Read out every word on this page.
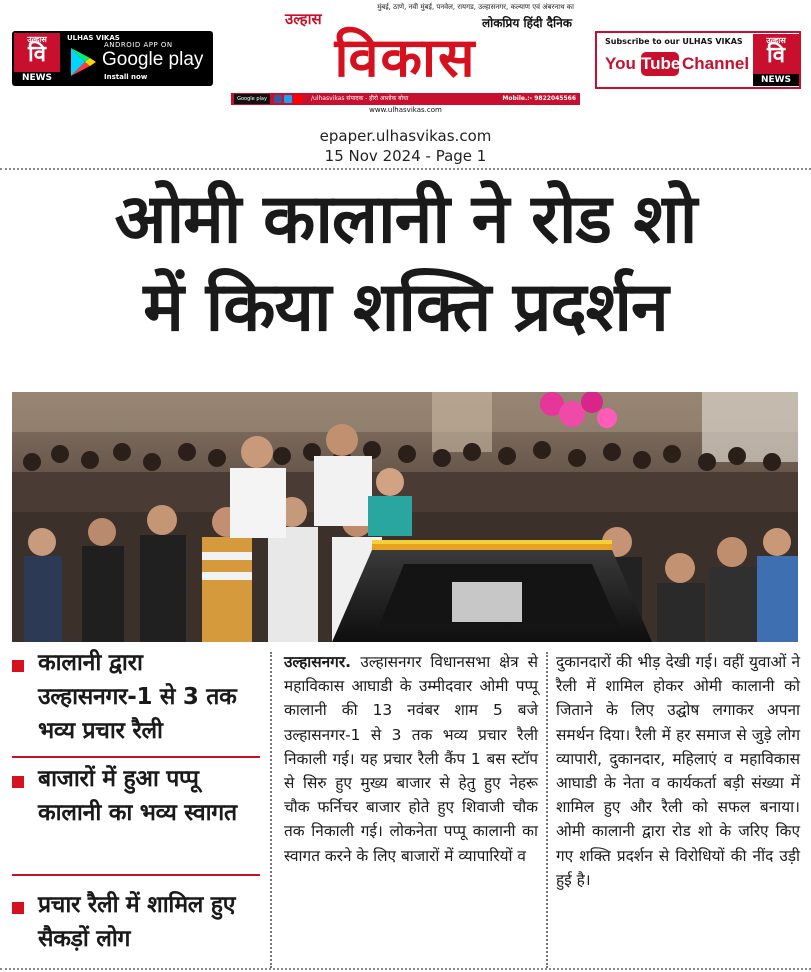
उल्हास
वि
NEWS
ULHAS VIKAS
ANDROID APP ON
Google play
Install now
मुंबई, ठाणे, नवी मुंबई, पनवेल, रायगड, उल्हासनगर, कल्याण एवं अंबरनाथ का
उल्हास	लोकप्रिय हिंदी दैनिक
विकास
Google play	/ulhasvikas संपादक - हीरो आशोक बोधा	Mobile.:- 9822045566
www.ulhasvikas.com
Subscribe to our ULHAS VIKAS
You Tube Channel
उल्हास
वि
NEWS
epaper.ulhasvikas.com
15 Nov 2024 - Page 1
ओमी कालानी ने रोड शो
में किया शक्ति प्रदर्शन
कालानी द्वारा उल्हासनगर-1 से 3 तक भव्य प्रचार रैली
बाजारों में हुआ पप्पू कालानी का भव्य स्वागत
प्रचार रैली में शामिल हुए सैकड़ों लोग
उल्हासनगर. उल्हासनगर विधानसभा क्षेत्र से महाविकास आघाडी के उम्मीदवार ओमी पप्पू कालानी की 13 नवंबर शाम 5 बजे उल्हासनगर-1 से 3 तक भव्य प्रचार रैली निकाली गई। यह प्रचार रैली कैंप 1 बस स्टॉप से सिरु हुए मुख्य बाजार से हेतु हुए नेहरू चौक फर्निचर बाजार होते हुए शिवाजी चौक तक निकाली गई। लोकनेता पप्पू कालानी का स्वागत करने के लिए बाजारों में व्यापारियों व
दुकानदारों की भीड़ देखी गई। वहीं युवाओं ने रैली में शामिल होकर ओमी कालानी को जिताने के लिए उद्घोष लगाकर अपना समर्थन दिया। रैली में हर समाज से जुड़े लोग व्यापारी, दुकानदार, महिलाएं व महाविकास आघाडी के नेता व कार्यकर्ता बड़ी संख्या में शामिल हुए और रैली को सफल बनाया। ओमी कालानी द्वारा रोड शो के जरिए किए गए शक्ति प्रदर्शन से विरोधियों की नींद उड़ी हुई है।
